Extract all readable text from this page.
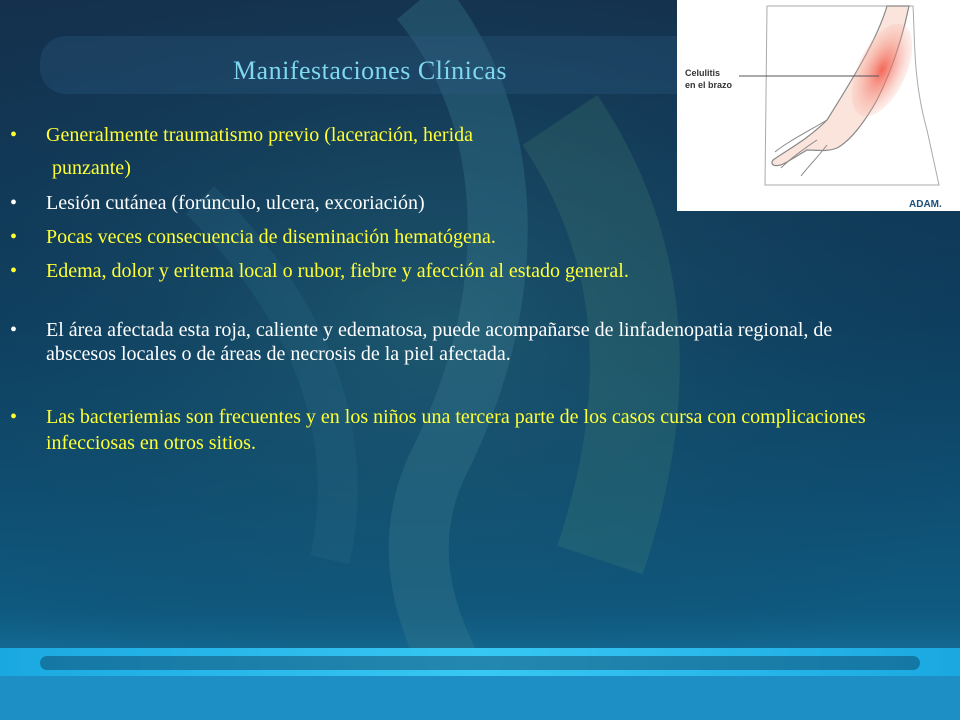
Manifestaciones Clínicas	Celulitis
en el brazo
ADAM.
•	Generalmente traumatismo previo (laceración, herida
punzante)
•	Lesión cutánea (forúnculo, ulcera, excoriación)
•	Pocas veces consecuencia de diseminación hematógena.
•	Edema, dolor y eritema local o rubor, fiebre y afección al estado general.
•	El área afectada esta roja, caliente y edematosa, puede acompañarse de linfadenopatia regional, de abscesos locales o de áreas de necrosis de la piel afectada.
•	Las bacteriemias son frecuentes y en los niños una tercera parte de los casos cursa con complicaciones infecciosas en otros sitios.
